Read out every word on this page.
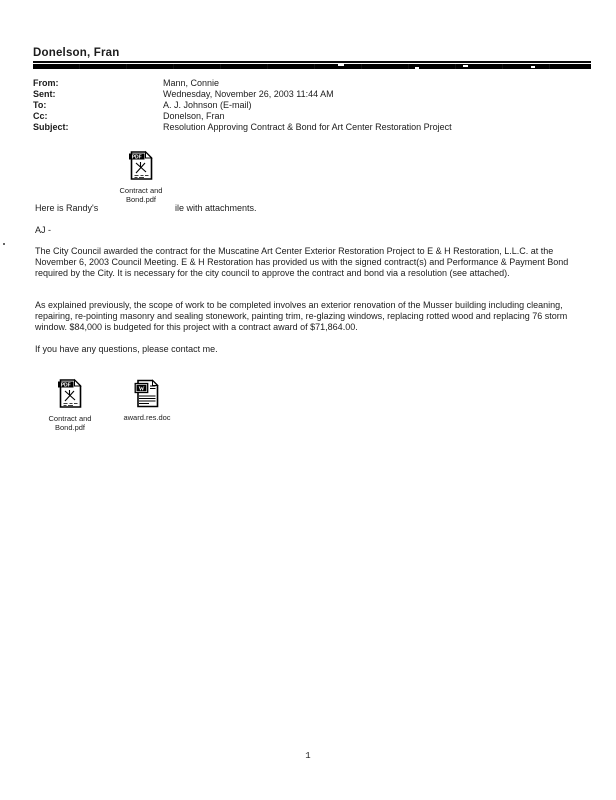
Donelson, Fran
From:	Mann, Connie
Sent:	Wednesday, November 26, 2003 11:44 AM
To:	A. J. Johnson (E-mail)
Cc:	Donelson, Fran
Subject:	Resolution Approving Contract & Bond for Art Center Restoration Project
PDF
Contract and
Bond.pdf
Here is Randy's	ile with attachments.
AJ -
The City Council awarded the contract for the Muscatine Art Center Exterior Restoration Project to E & H Restoration, L.L.C. at the November 6, 2003 Council Meeting. E & H Restoration has provided us with the signed contract(s) and Performance & Payment Bond required by the City. It is necessary for the city council to approve the contract and bond via a resolution (see attached).
As explained previously, the scope of work to be completed involves an exterior renovation of the Musser building including cleaning, repairing, re-pointing masonry and sealing stonework, painting trim, re-glazing windows, replacing rotted wood and replacing 76 storm window. $84,000 is budgeted for this project with a contract award of $71,864.00.
If you have any questions, please contact me.
PDF
Contract and
Bond.pdf
W
award.res.doc
1
